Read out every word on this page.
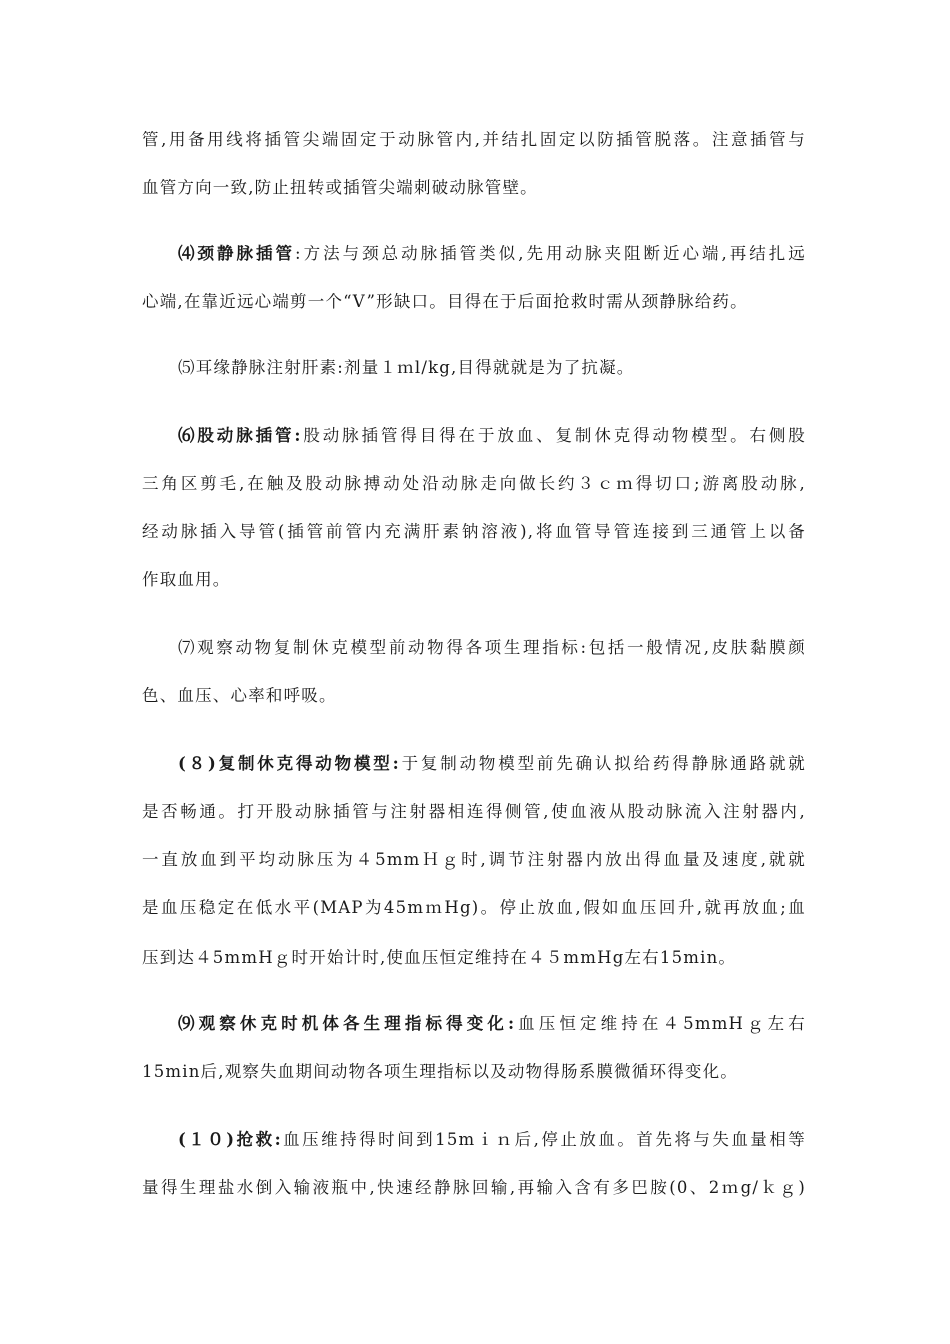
管,用备用线将插管尖端固定于动脉管内,并结扎固定以防插管脱落。注意插管与
血管方向一致,防止扭转或插管尖端刺破动脉管壁。
⑷颈静脉插管:方法与颈总动脉插管类似,先用动脉夹阻断近心端,再结扎远
心端,在靠近远心端剪一个“V”形缺口。目得在于后面抢救时需从颈静脉给药。
⑸耳缘静脉注射肝素:剂量１ｍl/kg,目得就就是为了抗凝。
⑹股动脉插管:股动脉插管得目得在于放血、复制休克得动物模型。右侧股
三角区剪毛,在触及股动脉搏动处沿动脉走向做长约３ｃｍ得切口;游离股动脉,
经动脉插入导管(插管前管内充满肝素钠溶液),将血管导管连接到三通管上以备
作取血用。
⑺观察动物复制休克模型前动物得各项生理指标:包括一般情况,皮肤黏膜颜
色、血压、心率和呼吸。
(８)复制休克得动物模型:于复制动物模型前先确认拟给药得静脉通路就就
是否畅通。打开股动脉插管与注射器相连得侧管,使血液从股动脉流入注射器内,
一直放血到平均动脉压为４5mmＨｇ时,调节注射器内放出得血量及速度,就就
是血压稳定在低水平(MAP为45mｍHg)。停止放血,假如血压回升,就再放血;血
压到达４5mmHｇ时开始计时,使血压恒定维持在４５mmHg左右15min。
⑼观察休克时机体各生理指标得变化:血压恒定维持在４5mmHｇ左右
15min后,观察失血期间动物各项生理指标以及动物得肠系膜微循环得变化。
(１０)抢救:血压维持得时间到15mｉｎ后,停止放血。首先将与失血量相等
量得生理盐水倒入输液瓶中,快速经静脉回输,再输入含有多巴胺(0、2ｍg/ｋｇ)
